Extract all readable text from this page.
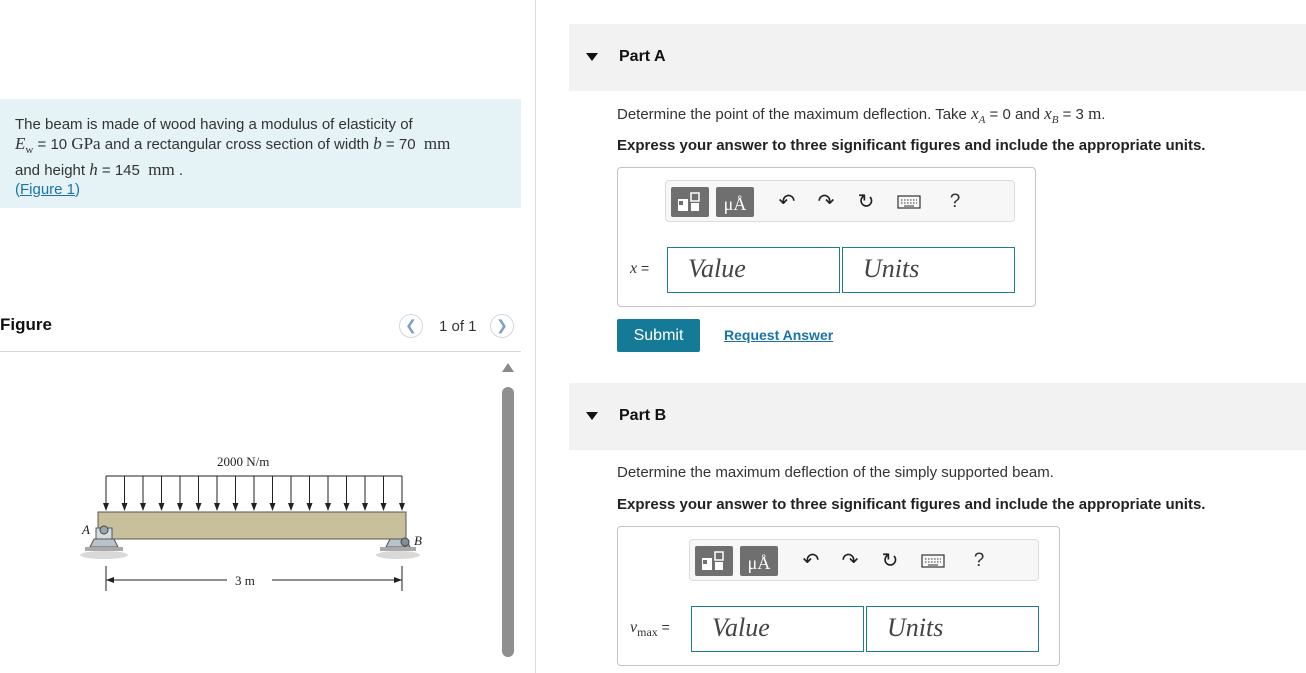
The beam is made of wood having a modulus of elasticity of
$E_w = 10$ GPa and a rectangular cross section of width b = 70 mm
and height h = 145 mm .
(Figure 1)
Figure	❮	1 of 1	❯
2000 N/m
A
B
3 m
Part A
Determine the point of the maximum deflection. Take $x_A = 0$ and $x_B = 3$ m.
Express your answer to three significant figures and include the appropriate units.
μÅ	↶ ↷ ↻	?
x =	Value	Units
Submit	Request Answer
Part B
Determine the maximum deflection of the simply supported beam.
Express your answer to three significant figures and include the appropriate units.
μÅ	↶ ↷ ↻	?
$v_{max}$ =	Value	Units
